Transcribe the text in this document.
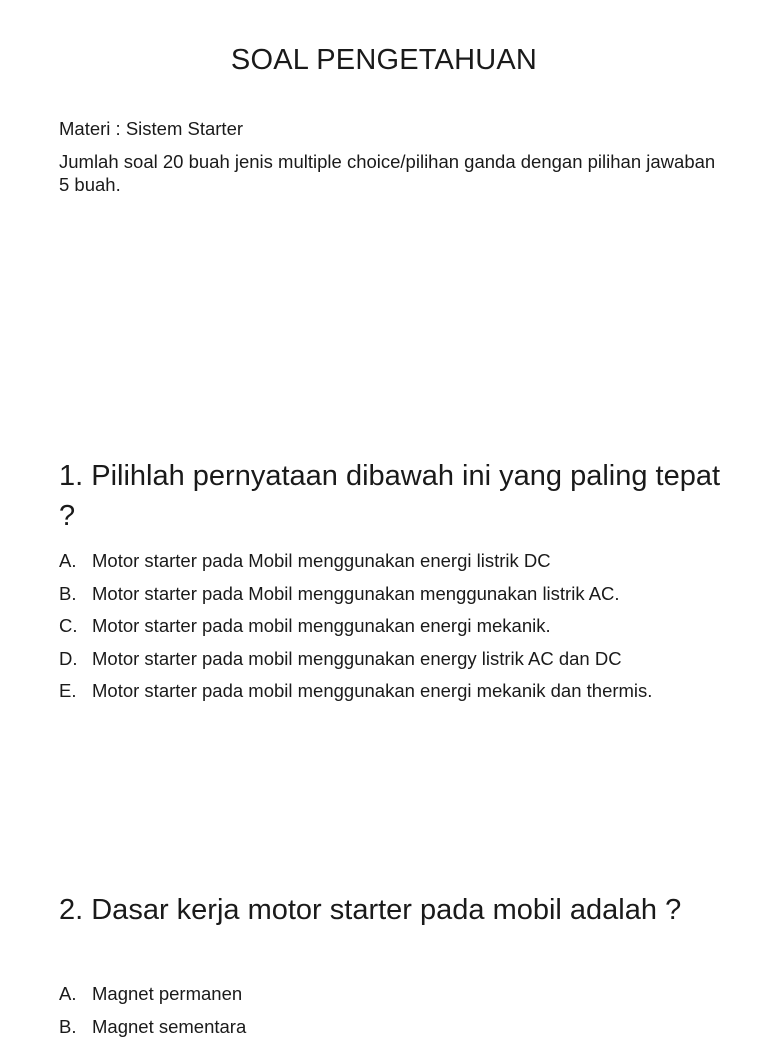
SOAL PENGETAHUAN
Materi : Sistem Starter
Jumlah soal 20 buah jenis multiple choice/pilihan ganda dengan pilihan jawaban 5 buah.
1. Pilihlah pernyataan dibawah ini yang paling tepat ?
A. Motor starter pada Mobil menggunakan energi listrik DC
B. Motor starter pada Mobil menggunakan menggunakan listrik AC.
C. Motor starter pada mobil menggunakan energi mekanik.
D. Motor starter pada mobil menggunakan energy listrik AC dan DC
E. Motor starter pada mobil menggunakan energi mekanik dan thermis.
2. Dasar kerja motor starter pada mobil adalah ?
A. Magnet permanen
B. Magnet sementara
